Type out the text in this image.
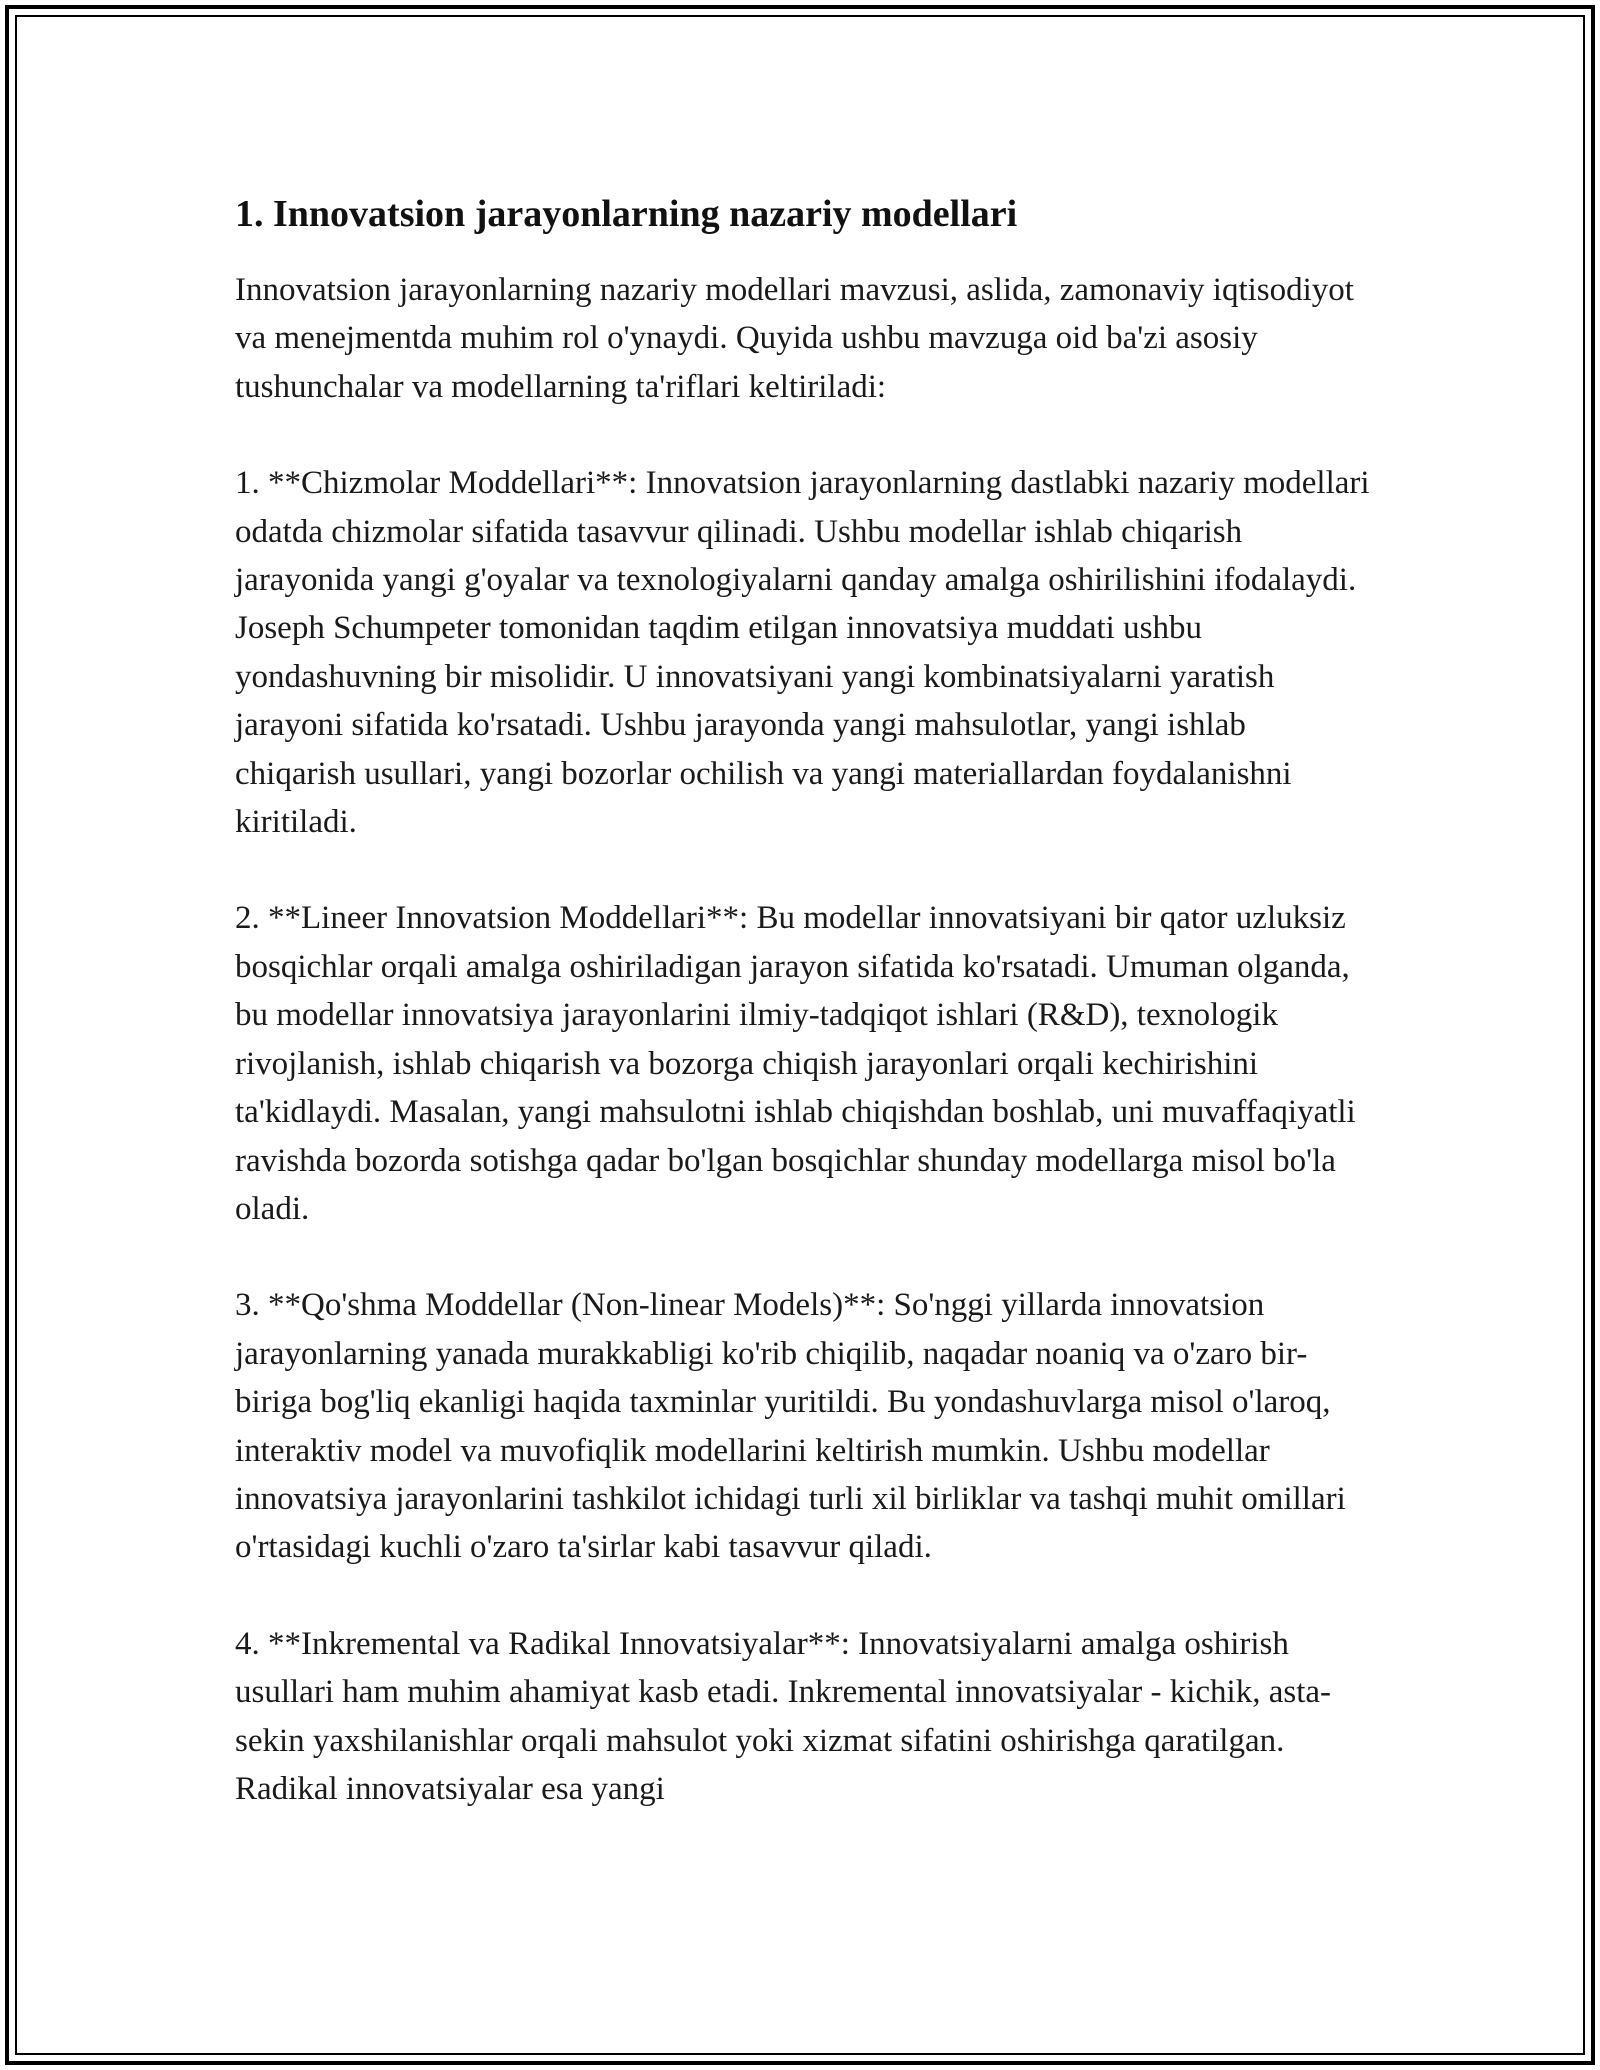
1. Innovatsion jarayonlarning nazariy modellari

Innovatsion jarayonlarning nazariy modellari mavzusi, aslida, zamonaviy iqtisodiyot va menejmentda muhim rol o'ynaydi. Quyida ushbu mavzuga oid ba'zi asosiy tushunchalar va modellarning ta'riflari keltiriladi:

1. **Chizmolar Moddellari**: Innovatsion jarayonlarning dastlabki nazariy modellari odatda chizmolar sifatida tasavvur qilinadi. Ushbu modellar ishlab chiqarish jarayonida yangi g'oyalar va texnologiyalarni qanday amalga oshirilishini ifodalaydi. Joseph Schumpeter tomonidan taqdim etilgan innovatsiya muddati ushbu yondashuvning bir misolidir. U innovatsiyani yangi kombinatsiyalarni yaratish jarayoni sifatida ko'rsatadi. Ushbu jarayonda yangi mahsulotlar, yangi ishlab chiqarish usullari, yangi bozorlar ochilish va yangi materiallardan foydalanishni kiritiladi.

2. **Lineer Innovatsion Moddellari**: Bu modellar innovatsiyani bir qator uzluksiz bosqichlar orqali amalga oshiriladigan jarayon sifatida ko'rsatadi. Umuman olganda, bu modellar innovatsiya jarayonlarini ilmiy-tadqiqot ishlari (R&D), texnologik rivojlanish, ishlab chiqarish va bozorga chiqish jarayonlari orqali kechirishini ta'kidlaydi. Masalan, yangi mahsulotni ishlab chiqishdan boshlab, uni muvaffaqiyatli ravishda bozorda sotishga qadar bo'lgan bosqichlar shunday modellarga misol bo'la oladi.

3. **Qo'shma Moddellar (Non-linear Models)**: So'nggi yillarda innovatsion jarayonlarning yanada murakkabligi ko'rib chiqilib, naqadar noaniq va o'zaro bir-biriga bog'liq ekanligi haqida taxminlar yuritildi. Bu yondashuvlarga misol o'laroq, interaktiv model va muvofiqlik modellarini keltirish mumkin. Ushbu modellar innovatsiya jarayonlarini tashkilot ichidagi turli xil birliklar va tashqi muhit omillari o'rtasidagi kuchli o'zaro ta'sirlar kabi tasavvur qiladi.

4. **Inkremental va Radikal Innovatsiyalar**: Innovatsiyalarni amalga oshirish usullari ham muhim ahamiyat kasb etadi. Inkremental innovatsiyalar - kichik, asta-sekin yaxshilanishlar orqali mahsulot yoki xizmat sifatini oshirishga qaratilgan. Radikal innovatsiyalar esa yangi
